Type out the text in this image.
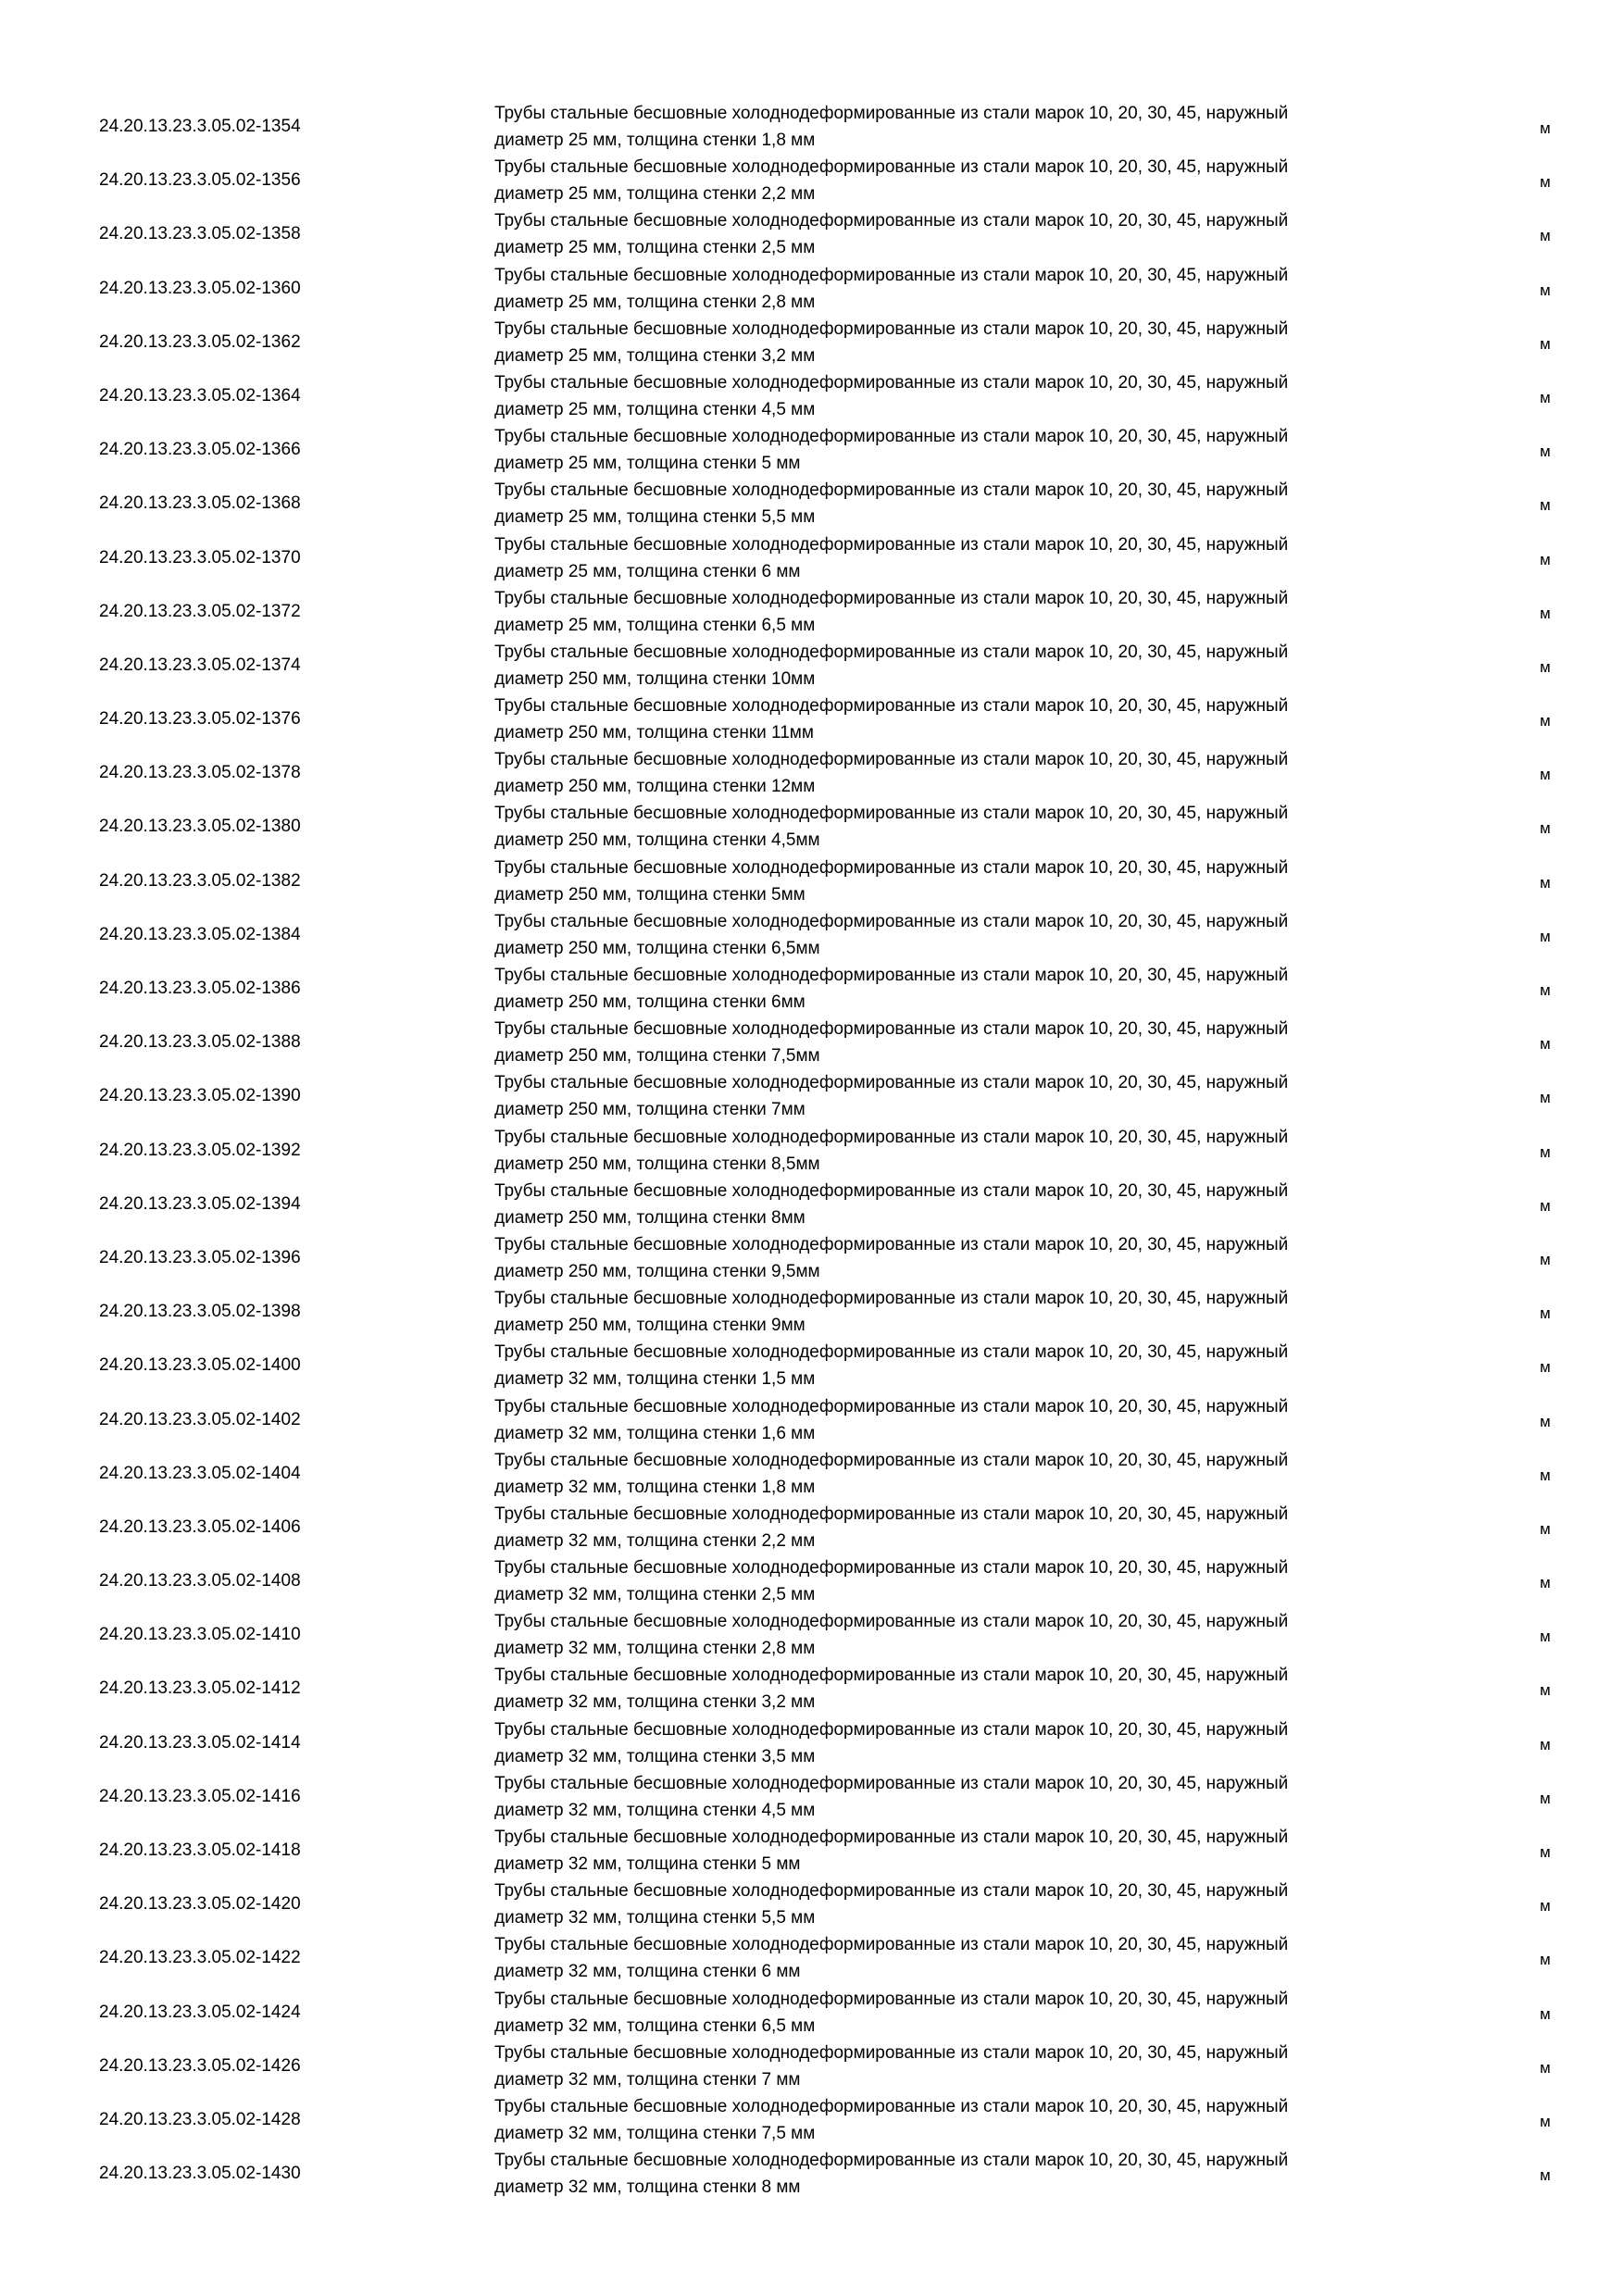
24.20.13.23.3.05.02-1354
Трубы стальные бесшовные холоднодеформированные из стали марок 10, 20, 30, 45, наружный
диаметр 25 мм, толщина стенки 1,8 мм
м
24.20.13.23.3.05.02-1356
Трубы стальные бесшовные холоднодеформированные из стали марок 10, 20, 30, 45, наружный
диаметр 25 мм, толщина стенки 2,2 мм
м
24.20.13.23.3.05.02-1358
Трубы стальные бесшовные холоднодеформированные из стали марок 10, 20, 30, 45, наружный
диаметр 25 мм, толщина стенки 2,5 мм
м
24.20.13.23.3.05.02-1360
Трубы стальные бесшовные холоднодеформированные из стали марок 10, 20, 30, 45, наружный
диаметр 25 мм, толщина стенки 2,8 мм
м
24.20.13.23.3.05.02-1362
Трубы стальные бесшовные холоднодеформированные из стали марок 10, 20, 30, 45, наружный
диаметр 25 мм, толщина стенки 3,2 мм
м
24.20.13.23.3.05.02-1364
Трубы стальные бесшовные холоднодеформированные из стали марок 10, 20, 30, 45, наружный
диаметр 25 мм, толщина стенки 4,5 мм
м
24.20.13.23.3.05.02-1366
Трубы стальные бесшовные холоднодеформированные из стали марок 10, 20, 30, 45, наружный
диаметр 25 мм, толщина стенки 5 мм
м
24.20.13.23.3.05.02-1368
Трубы стальные бесшовные холоднодеформированные из стали марок 10, 20, 30, 45, наружный
диаметр 25 мм, толщина стенки 5,5 мм
м
24.20.13.23.3.05.02-1370
Трубы стальные бесшовные холоднодеформированные из стали марок 10, 20, 30, 45, наружный
диаметр 25 мм, толщина стенки 6 мм
м
24.20.13.23.3.05.02-1372
Трубы стальные бесшовные холоднодеформированные из стали марок 10, 20, 30, 45, наружный
диаметр 25 мм, толщина стенки 6,5 мм
м
24.20.13.23.3.05.02-1374
Трубы стальные бесшовные холоднодеформированные из стали марок 10, 20, 30, 45, наружный
диаметр 250 мм, толщина стенки 10мм
м
24.20.13.23.3.05.02-1376
Трубы стальные бесшовные холоднодеформированные из стали марок 10, 20, 30, 45, наружный
диаметр 250 мм, толщина стенки 11мм
м
24.20.13.23.3.05.02-1378
Трубы стальные бесшовные холоднодеформированные из стали марок 10, 20, 30, 45, наружный
диаметр 250 мм, толщина стенки 12мм
м
24.20.13.23.3.05.02-1380
Трубы стальные бесшовные холоднодеформированные из стали марок 10, 20, 30, 45, наружный
диаметр 250 мм, толщина стенки 4,5мм
м
24.20.13.23.3.05.02-1382
Трубы стальные бесшовные холоднодеформированные из стали марок 10, 20, 30, 45, наружный
диаметр 250 мм, толщина стенки 5мм
м
24.20.13.23.3.05.02-1384
Трубы стальные бесшовные холоднодеформированные из стали марок 10, 20, 30, 45, наружный
диаметр 250 мм, толщина стенки 6,5мм
м
24.20.13.23.3.05.02-1386
Трубы стальные бесшовные холоднодеформированные из стали марок 10, 20, 30, 45, наружный
диаметр 250 мм, толщина стенки 6мм
м
24.20.13.23.3.05.02-1388
Трубы стальные бесшовные холоднодеформированные из стали марок 10, 20, 30, 45, наружный
диаметр 250 мм, толщина стенки 7,5мм
м
24.20.13.23.3.05.02-1390
Трубы стальные бесшовные холоднодеформированные из стали марок 10, 20, 30, 45, наружный
диаметр 250 мм, толщина стенки 7мм
м
24.20.13.23.3.05.02-1392
Трубы стальные бесшовные холоднодеформированные из стали марок 10, 20, 30, 45, наружный
диаметр 250 мм, толщина стенки 8,5мм
м
24.20.13.23.3.05.02-1394
Трубы стальные бесшовные холоднодеформированные из стали марок 10, 20, 30, 45, наружный
диаметр 250 мм, толщина стенки 8мм
м
24.20.13.23.3.05.02-1396
Трубы стальные бесшовные холоднодеформированные из стали марок 10, 20, 30, 45, наружный
диаметр 250 мм, толщина стенки 9,5мм
м
24.20.13.23.3.05.02-1398
Трубы стальные бесшовные холоднодеформированные из стали марок 10, 20, 30, 45, наружный
диаметр 250 мм, толщина стенки 9мм
м
24.20.13.23.3.05.02-1400
Трубы стальные бесшовные холоднодеформированные из стали марок 10, 20, 30, 45, наружный
диаметр 32 мм, толщина стенки 1,5 мм
м
24.20.13.23.3.05.02-1402
Трубы стальные бесшовные холоднодеформированные из стали марок 10, 20, 30, 45, наружный
диаметр 32 мм, толщина стенки 1,6 мм
м
24.20.13.23.3.05.02-1404
Трубы стальные бесшовные холоднодеформированные из стали марок 10, 20, 30, 45, наружный
диаметр 32 мм, толщина стенки 1,8 мм
м
24.20.13.23.3.05.02-1406
Трубы стальные бесшовные холоднодеформированные из стали марок 10, 20, 30, 45, наружный
диаметр 32 мм, толщина стенки 2,2 мм
м
24.20.13.23.3.05.02-1408
Трубы стальные бесшовные холоднодеформированные из стали марок 10, 20, 30, 45, наружный
диаметр 32 мм, толщина стенки 2,5 мм
м
24.20.13.23.3.05.02-1410
Трубы стальные бесшовные холоднодеформированные из стали марок 10, 20, 30, 45, наружный
диаметр 32 мм, толщина стенки 2,8 мм
м
24.20.13.23.3.05.02-1412
Трубы стальные бесшовные холоднодеформированные из стали марок 10, 20, 30, 45, наружный
диаметр 32 мм, толщина стенки 3,2 мм
м
24.20.13.23.3.05.02-1414
Трубы стальные бесшовные холоднодеформированные из стали марок 10, 20, 30, 45, наружный
диаметр 32 мм, толщина стенки 3,5 мм
м
24.20.13.23.3.05.02-1416
Трубы стальные бесшовные холоднодеформированные из стали марок 10, 20, 30, 45, наружный
диаметр 32 мм, толщина стенки 4,5 мм
м
24.20.13.23.3.05.02-1418
Трубы стальные бесшовные холоднодеформированные из стали марок 10, 20, 30, 45, наружный
диаметр 32 мм, толщина стенки 5 мм
м
24.20.13.23.3.05.02-1420
Трубы стальные бесшовные холоднодеформированные из стали марок 10, 20, 30, 45, наружный
диаметр 32 мм, толщина стенки 5,5 мм
м
24.20.13.23.3.05.02-1422
Трубы стальные бесшовные холоднодеформированные из стали марок 10, 20, 30, 45, наружный
диаметр 32 мм, толщина стенки 6 мм
м
24.20.13.23.3.05.02-1424
Трубы стальные бесшовные холоднодеформированные из стали марок 10, 20, 30, 45, наружный
диаметр 32 мм, толщина стенки 6,5 мм
м
24.20.13.23.3.05.02-1426
Трубы стальные бесшовные холоднодеформированные из стали марок 10, 20, 30, 45, наружный
диаметр 32 мм, толщина стенки 7 мм
м
24.20.13.23.3.05.02-1428
Трубы стальные бесшовные холоднодеформированные из стали марок 10, 20, 30, 45, наружный
диаметр 32 мм, толщина стенки 7,5 мм
м
24.20.13.23.3.05.02-1430
Трубы стальные бесшовные холоднодеформированные из стали марок 10, 20, 30, 45, наружный
диаметр 32 мм, толщина стенки 8 мм
м
